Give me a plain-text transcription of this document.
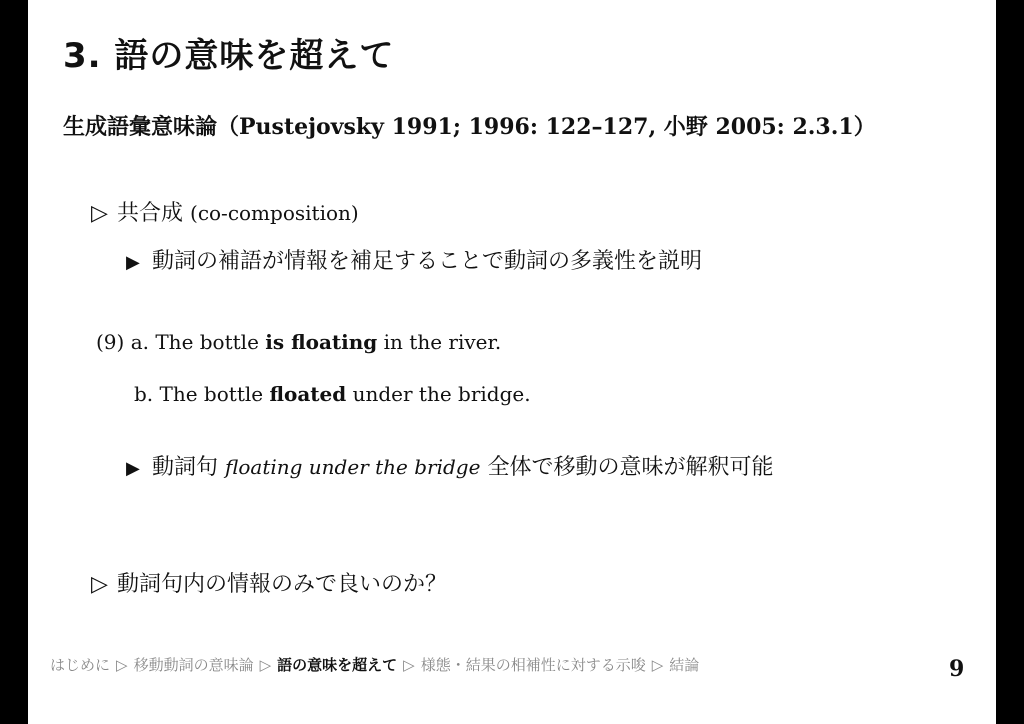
3. 語の意味を超えて
生成語彙意味論（Pustejovsky 1991; 1996: 122–127, 小野 2005: 2.3.1）
▷ 共合成 (co-composition)
▶ 動詞の補語が情報を補足することで動詞の多義性を説明
(9) a. The bottle is floating in the river.
b. The bottle floated under the bridge.
▶ 動詞句 floating under the bridge 全体で移動の意味が解釈可能
▷ 動詞句内の情報のみで良いのか？
はじめに ▷ 移動動詞の意味論 ▷ 語の意味を超えて ▷ 様態・結果の相補性に対する示唆 ▷ 結論	9
